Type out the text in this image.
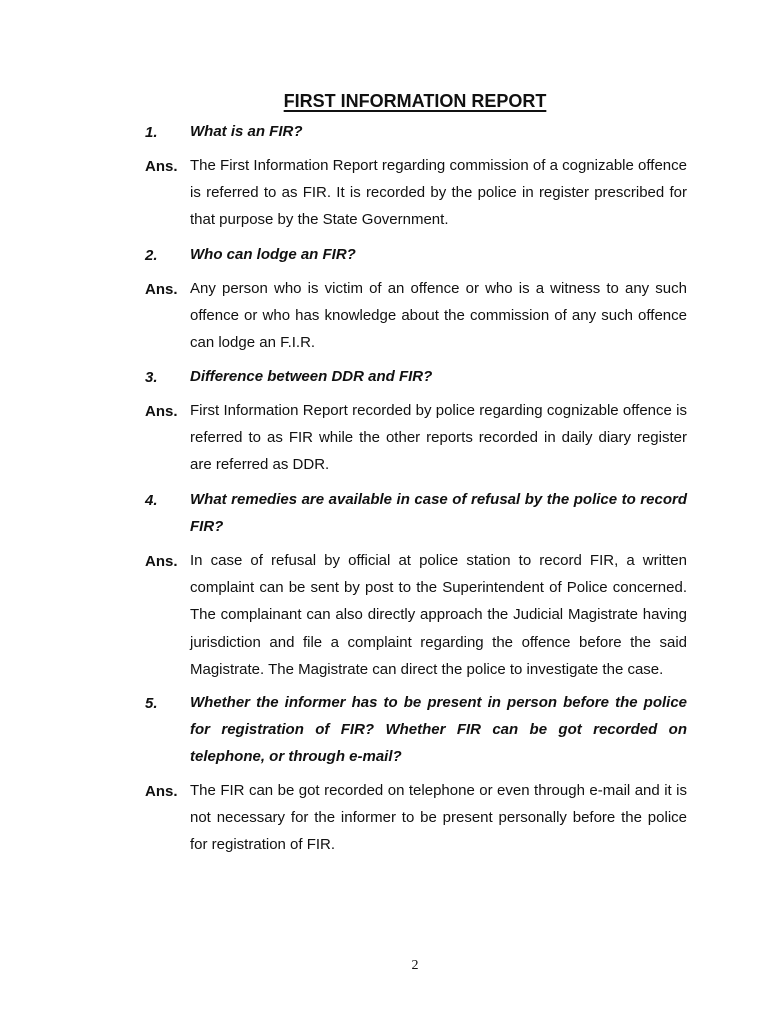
FIRST INFORMATION REPORT
1. What is an FIR?
Ans. The First Information Report regarding commission of a cognizable offence is referred to as FIR. It is recorded by the police in register prescribed for that purpose by the State Government.
2. Who can lodge an FIR?
Ans. Any person who is victim of an offence or who is a witness to any such offence or who has knowledge about the commission of any such offence can lodge an F.I.R.
3. Difference between DDR and FIR?
Ans. First Information Report recorded by police regarding cognizable offence is referred to as FIR while the other reports recorded in daily diary register are referred as DDR.
4. What remedies are available in case of refusal by the police to record FIR?
Ans. In case of refusal by official at police station to record FIR, a written complaint can be sent by post to the Superintendent of Police concerned. The complainant can also directly approach the Judicial Magistrate having jurisdiction and file a complaint regarding the offence before the said Magistrate. The Magistrate can direct the police to investigate the case.
5. Whether the informer has to be present in person before the police for registration of FIR? Whether FIR can be got recorded on telephone, or through e-mail?
Ans. The FIR can be got recorded on telephone or even through e-mail and it is not necessary for the informer to be present personally before the police for registration of FIR.
2
